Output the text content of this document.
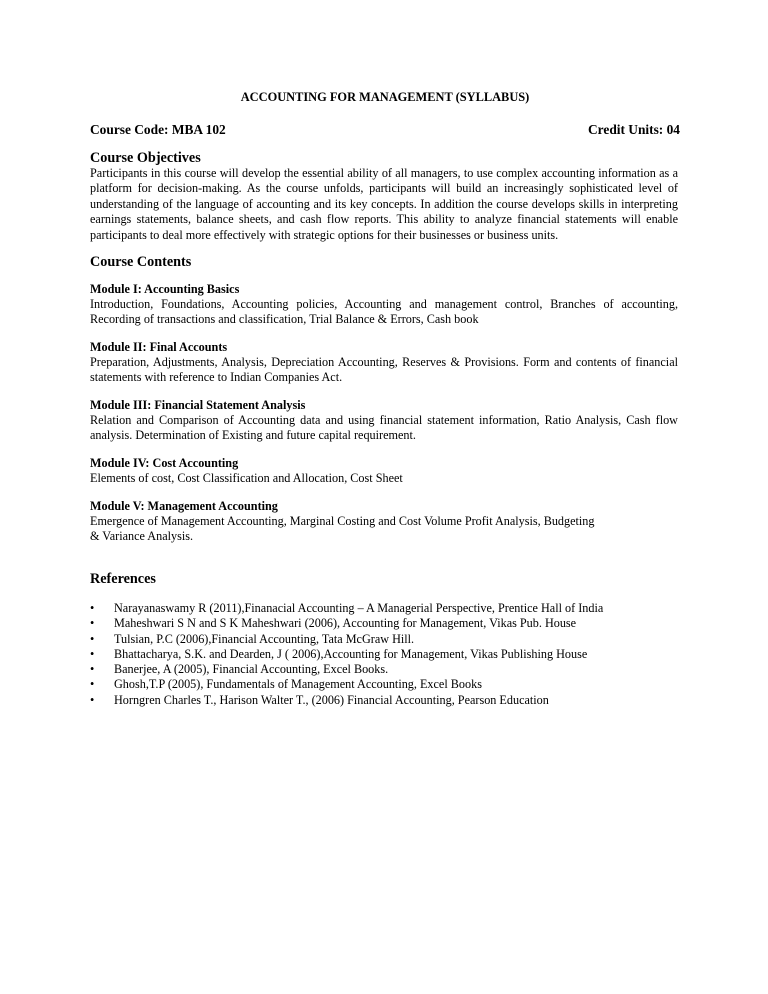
ACCOUNTING FOR MANAGEMENT (SYLLABUS)
Course Code: MBA 102	Credit Units: 04
Course Objectives
Participants in this course will develop the essential ability of all managers, to use complex accounting information as a platform for decision-making. As the course unfolds, participants will build an increasingly sophisticated level of understanding of the language of accounting and its key concepts. In addition the course develops skills in interpreting earnings statements, balance sheets, and cash flow reports. This ability to analyze financial statements will enable participants to deal more effectively with strategic options for their businesses or business units.
Course Contents
Module I: Accounting Basics
Introduction, Foundations, Accounting policies, Accounting and management control, Branches of accounting, Recording of transactions and classification, Trial Balance & Errors, Cash book
Module II: Final Accounts
Preparation, Adjustments, Analysis, Depreciation Accounting, Reserves & Provisions. Form and contents of financial statements with reference to Indian Companies Act.
Module III: Financial Statement Analysis
Relation and Comparison of Accounting data and using financial statement information, Ratio Analysis, Cash flow analysis. Determination of Existing and future capital requirement.
Module IV: Cost Accounting
Elements of cost, Cost Classification and Allocation, Cost Sheet
Module V: Management Accounting
Emergence of Management Accounting, Marginal Costing and Cost Volume Profit Analysis, Budgeting
& Variance Analysis.
References
• Narayanaswamy R (2011),Finanacial Accounting – A Managerial Perspective, Prentice Hall of India
• Maheshwari S N and S K Maheshwari (2006), Accounting for Management, Vikas Pub. House
• Tulsian, P.C (2006),Financial Accounting, Tata McGraw Hill.
• Bhattacharya, S.K. and Dearden, J ( 2006),Accounting for Management, Vikas Publishing House
• Banerjee, A (2005), Financial Accounting, Excel Books.
• Ghosh,T.P (2005), Fundamentals of Management Accounting, Excel Books
• Horngren Charles T., Harison Walter T., (2006) Financial Accounting, Pearson Education
